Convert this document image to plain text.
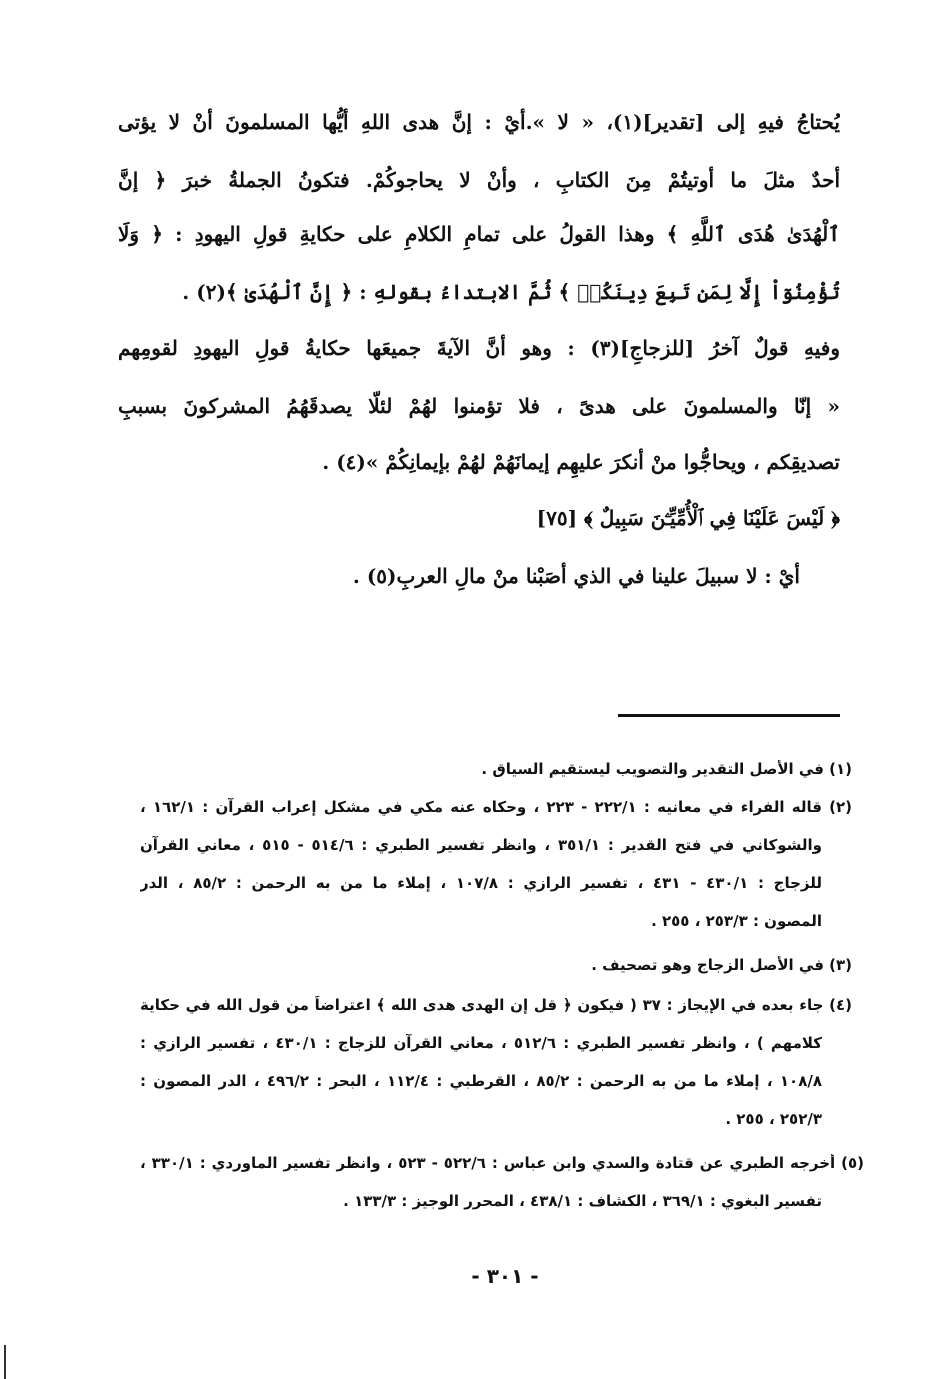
يُحتاجُ فيهِ إلى [تقدير](١)، « لا ».أيْ : إنَّ هدى اللهِ أيُّها المسلمونَ أنْ لا يؤتى
أحدٌ مثلَ ما أوتيتُمْ مِنَ الكتابِ ، وأنْ لا يحاجوكُمْ. فتكونُ الجملةُ خبرَ ﴿ إنَّ
ٱلْهُدَىٰ هُدَى ٱللَّهِ ﴾ وهذا القولُ على تمامِ الكلامِ على حكايةِ قولِ اليهودِ : ﴿ وَلَا
تُؤْمِنُوٓاْ إِلَّا لِمَن تَبِعَ دِينَكُرۡ ﴾ ثُمَّ الابتداءُ بقولهِ : ﴿ إِنَّ ٱلْهُدَىٰ ﴾(٢) .
وفيهِ قولٌ آخرُ [للزجاجِ](٣) : وهو أنَّ الآيةَ جميعَها حكايةُ قولِ اليهودِ لقومِهم
« إنّا والمسلمونَ على هدىً ، فلا تؤمنوا لهُمْ لئلّا يصدقَهُمُ المشركونَ بسببِ
تصديقِكم ، ويحاجُّوا منْ أنكرَ عليهِم إيمانَهُمْ لهُمْ بإيمانِكُمْ »(٤) .
﴿ لَيْسَ عَلَيْنَا فِي ٱلْأُمِّيِّـۧنَ سَبِيلٌ ﴾ [٧٥]
أيْ : لا سبيلَ علينا في الذي أصَبْنا منْ مالِ العربِ(٥) .
(١) في الأصل التقدير والتصويب ليستقيم السياق .
(٢) قاله الفراء في معانيه : ٢٢٢/١ - ٢٢٣ ، وحكاه عنه مكي في مشكل إعراب القرآن : ١٦٢/١ ،
والشوكاني في فتح القدير : ٣٥١/١ ، وانظر تفسير الطبري : ٥١٤/٦ - ٥١٥ ، معاني القرآن
للزجاج : ٤٣٠/١ - ٤٣١ ، تفسير الرازي : ١٠٧/٨ ، إملاء ما من به الرحمن : ٨٥/٢ ، الدر
المصون : ٢٥٣/٣ ، ٢٥٥ .
(٣) في الأصل الزجاج وهو تصحيف .
(٤) جاء بعده في الإيجاز : ٣٧ ( فيكون ﴿ قل إن الهدى هدى الله ﴾ اعتراضاً من قول الله في حكاية
كلامهم ) ، وانظر تفسير الطبري : ٥١٢/٦ ، معاني القرآن للزجاج : ٤٣٠/١ ، تفسير الرازي :
١٠٨/٨ ، إملاء ما من به الرحمن : ٨٥/٢ ، القرطبي : ١١٢/٤ ، البحر : ٤٩٦/٢ ، الدر المصون :
٢٥٢/٣ ، ٢٥٥ .
(٥) أخرجه الطبري عن قتادة والسدي وابن عباس : ٥٢٢/٦ - ٥٢٣ ، وانظر تفسير الماوردي : ٣٣٠/١ ،
تفسير البغوي : ٣٦٩/١ ، الكشاف : ٤٣٨/١ ، المحرر الوجيز : ١٣٣/٣ .
- ٣٠١ -
